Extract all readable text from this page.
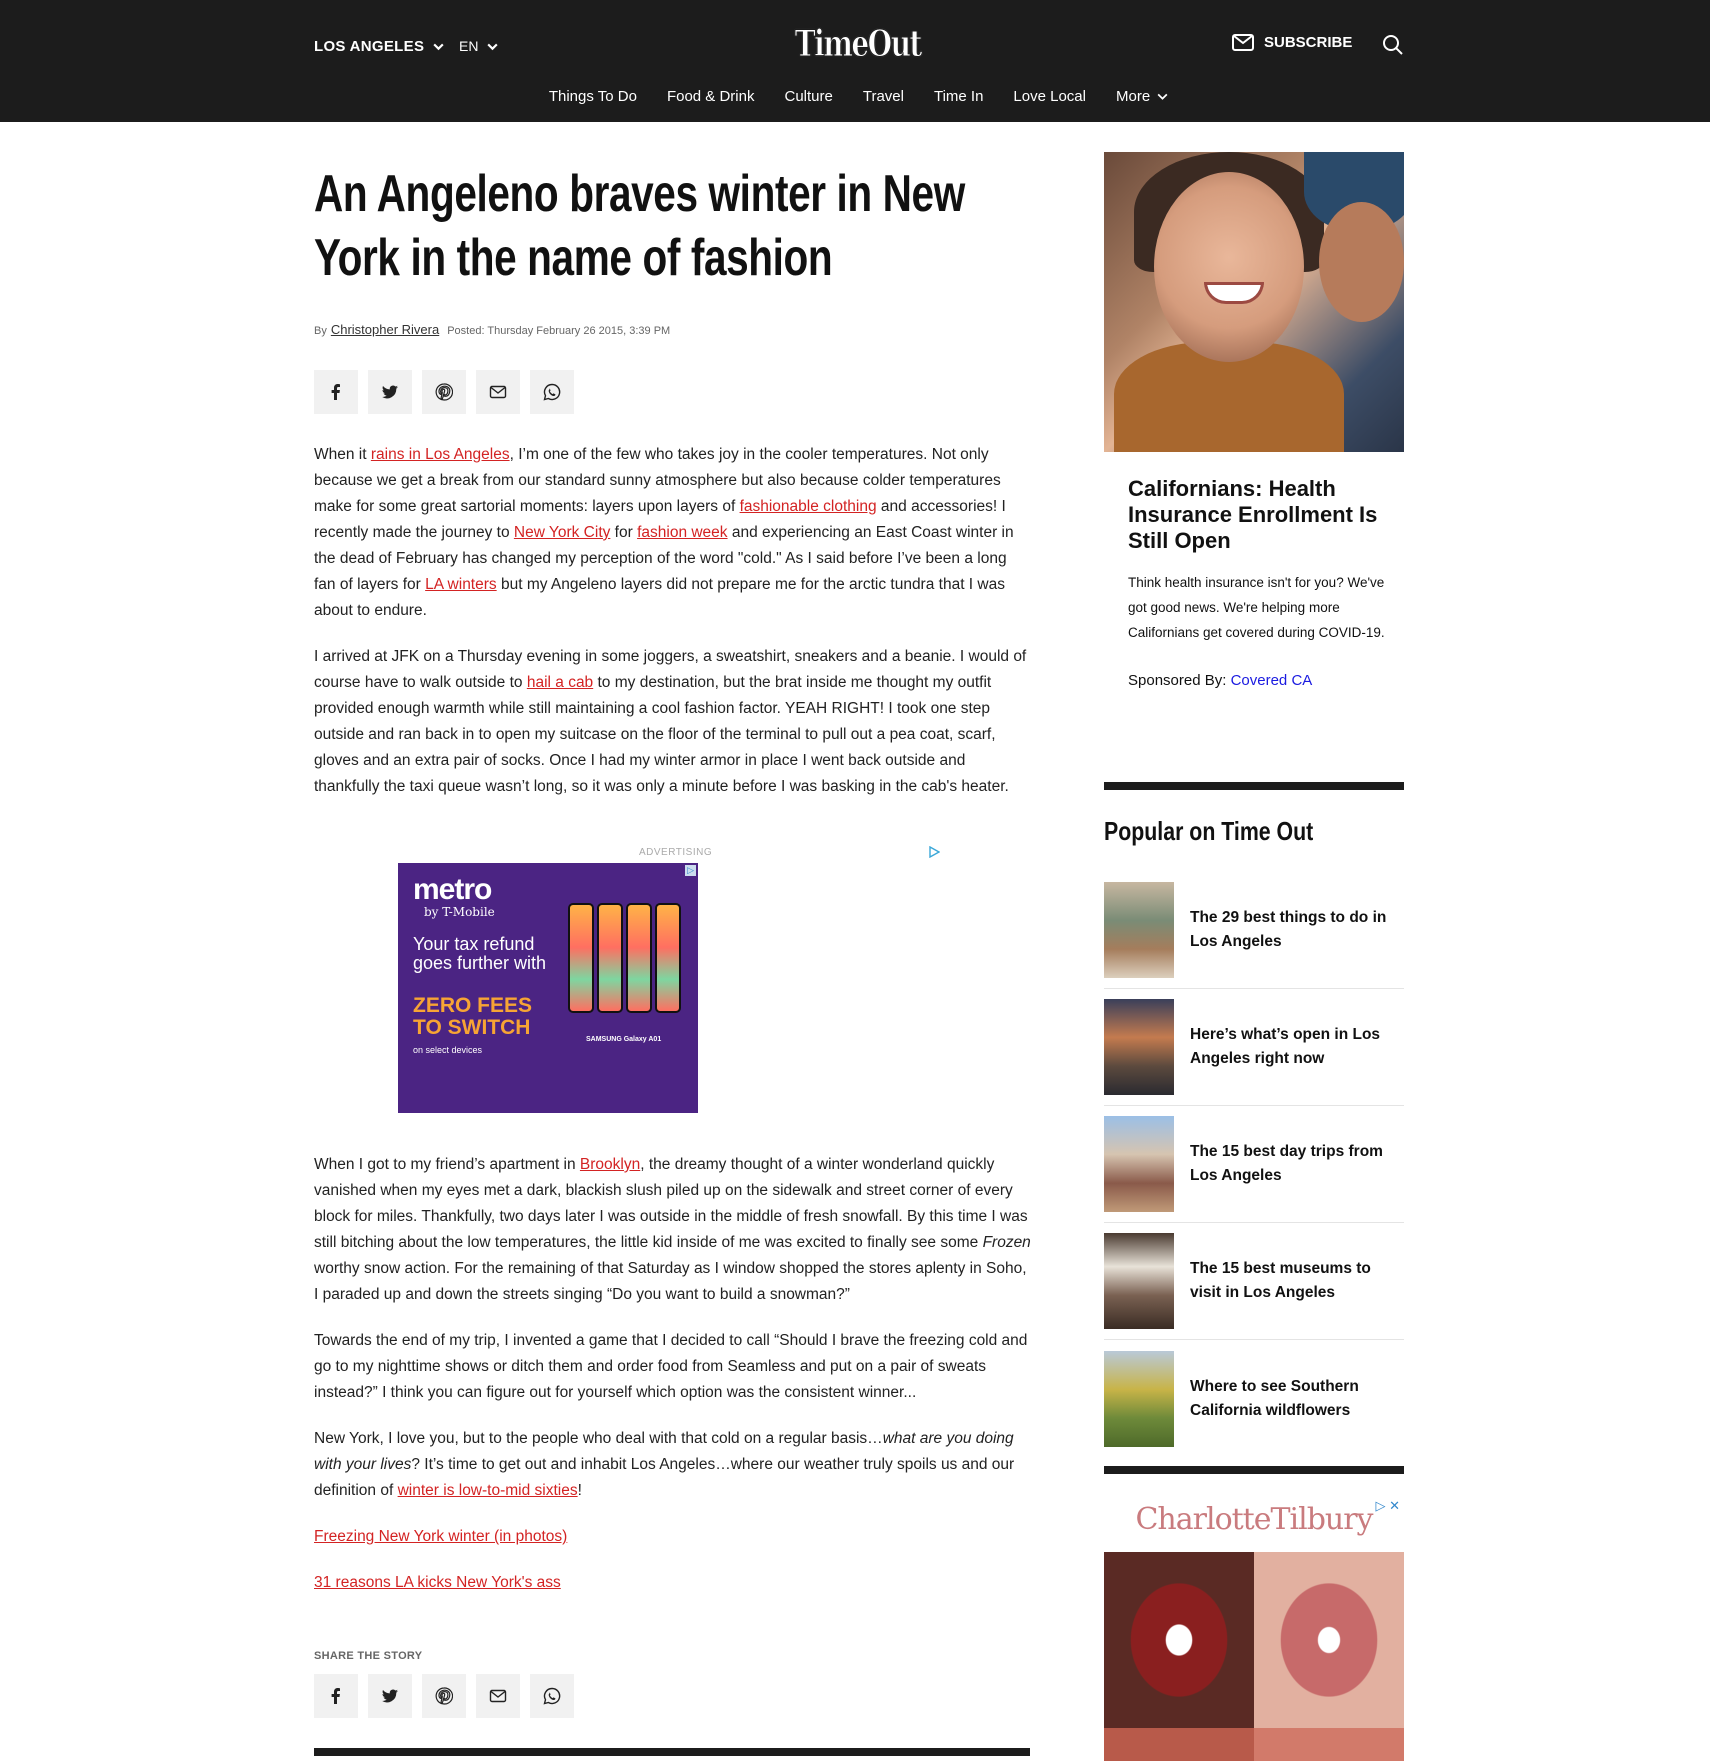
LOS ANGELES EN	TimeOut	SUBSCRIBE
Things To Do Food & Drink Culture Travel Time In Love Local More
An Angeleno braves winter in New York in the name of fashion
By Christopher Rivera Posted: Thursday February 26 2015, 3:39 PM

When it rains in Los Angeles, I’m one of the few who takes joy in the cooler temperatures. Not only because we get a break from our standard sunny atmosphere but also because colder temperatures make for some great sartorial moments: layers upon layers of fashionable clothing and accessories! I recently made the journey to New York City for fashion week and experiencing an East Coast winter in the dead of February has changed my perception of the word "cold." As I said before I’ve been a long fan of layers for LA winters but my Angeleno layers did not prepare me for the arctic tundra that I was about to endure.

I arrived at JFK on a Thursday evening in some joggers, a sweatshirt, sneakers and a beanie. I would of course have to walk outside to hail a cab to my destination, but the brat inside me thought my outfit provided enough warmth while still maintaining a cool fashion factor. YEAH RIGHT! I took one step outside and ran back in to open my suitcase on the floor of the terminal to pull out a pea coat, scarf, gloves and an extra pair of socks. Once I had my winter armor in place I went back outside and thankfully the taxi queue wasn’t long, so it was only a minute before I was basking in the cab's heater.

ADVERTISING
metro
by T-Mobile
Your tax refund goes further with
ZERO FEES TO SWITCH
on select devices
SAMSUNG Galaxy A01
▷

When I got to my friend’s apartment in Brooklyn, the dreamy thought of a winter wonderland quickly vanished when my eyes met a dark, blackish slush piled up on the sidewalk and street corner of every block for miles. Thankfully, two days later I was outside in the middle of fresh snowfall. By this time I was still bitching about the low temperatures, the little kid inside of me was excited to finally see some Frozen worthy snow action. For the remaining of that Saturday as I window shopped the stores aplenty in Soho, I paraded up and down the streets singing “Do you want to build a snowman?”

Towards the end of my trip, I invented a game that I decided to call “Should I brave the freezing cold and go to my nighttime shows or ditch them and order food from Seamless and put on a pair of sweats instead?” I think you can figure out for yourself which option was the consistent winner...

New York, I love you, but to the people who deal with that cold on a regular basis…what are you doing with your lives? It’s time to get out and inhabit Los Angeles…where our weather truly spoils us and our definition of winter is low-to-mid sixties!

Freezing New York winter (in photos)

31 reasons LA kicks New York's ass

SHARE THE STORY
Californians: Health Insurance Enrollment Is Still Open
Think health insurance isn't for you? We've got good news. We're helping more Californians get covered during COVID-19.
Sponsored By: Covered CA
Popular on Time Out
The 29 best things to do in Los Angeles
Here’s what’s open in Los Angeles right now
The 15 best day trips from Los Angeles
The 15 best museums to visit in Los Angeles
Where to see Southern California wildflowers
CharlotteTilbury ▷ ✕
